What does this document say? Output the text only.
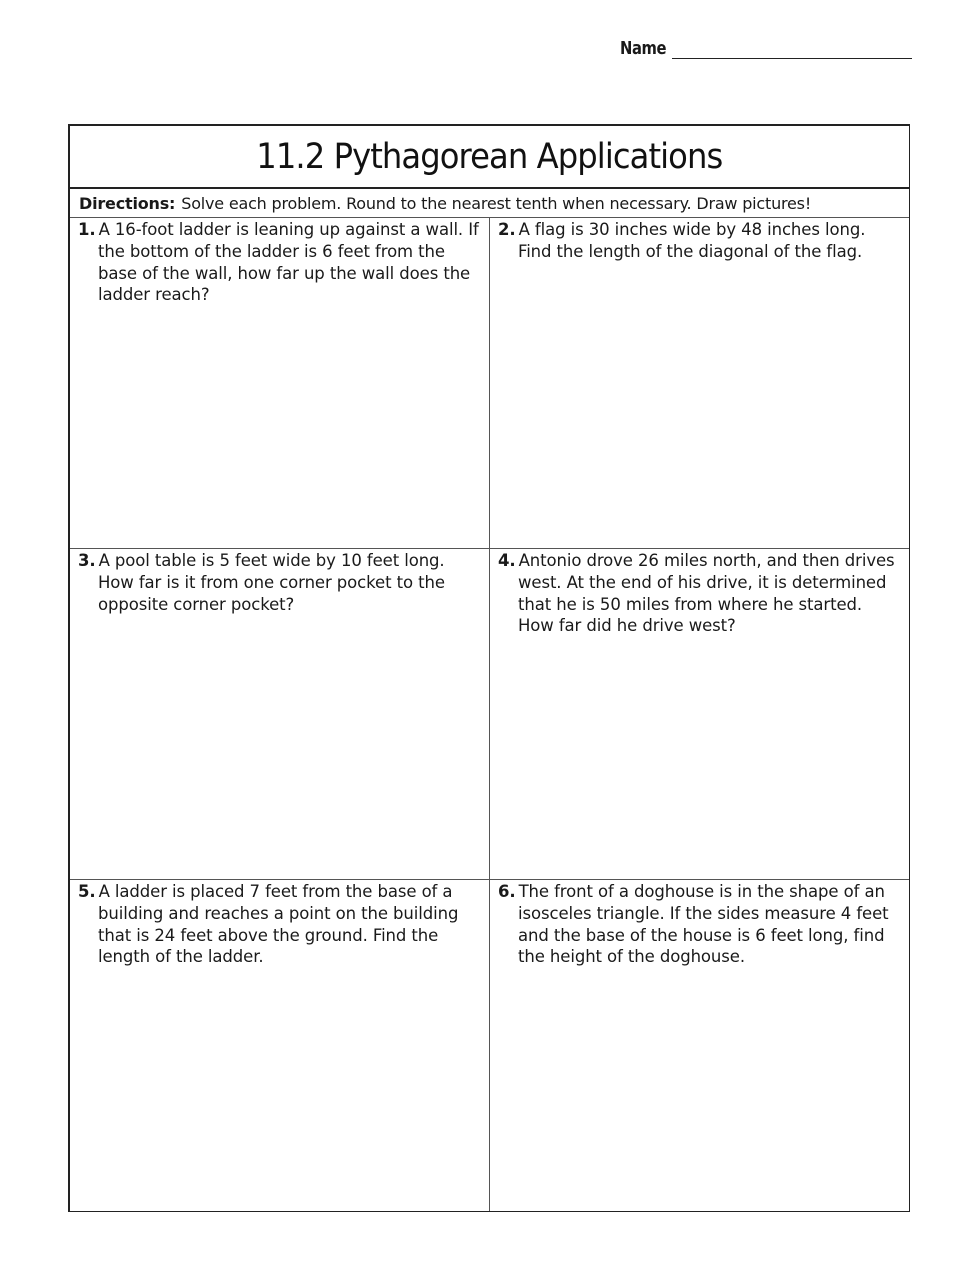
Name
11.2 Pythagorean Applications
Directions: Solve each problem. Round to the nearest tenth when necessary. Draw pictures!
1. A 16-foot ladder is leaning up against a wall. If the bottom of the ladder is 6 feet from the base of the wall, how far up the wall does the ladder reach?
2. A flag is 30 inches wide by 48 inches long. Find the length of the diagonal of the flag.
3. A pool table is 5 feet wide by 10 feet long. How far is it from one corner pocket to the opposite corner pocket?
4. Antonio drove 26 miles north, and then drives west. At the end of his drive, it is determined that he is 50 miles from where he started. How far did he drive west?
5. A ladder is placed 7 feet from the base of a building and reaches a point on the building that is 24 feet above the ground. Find the length of the ladder.
6. The front of a doghouse is in the shape of an isosceles triangle. If the sides measure 4 feet and the base of the house is 6 feet long, find the height of the doghouse.
